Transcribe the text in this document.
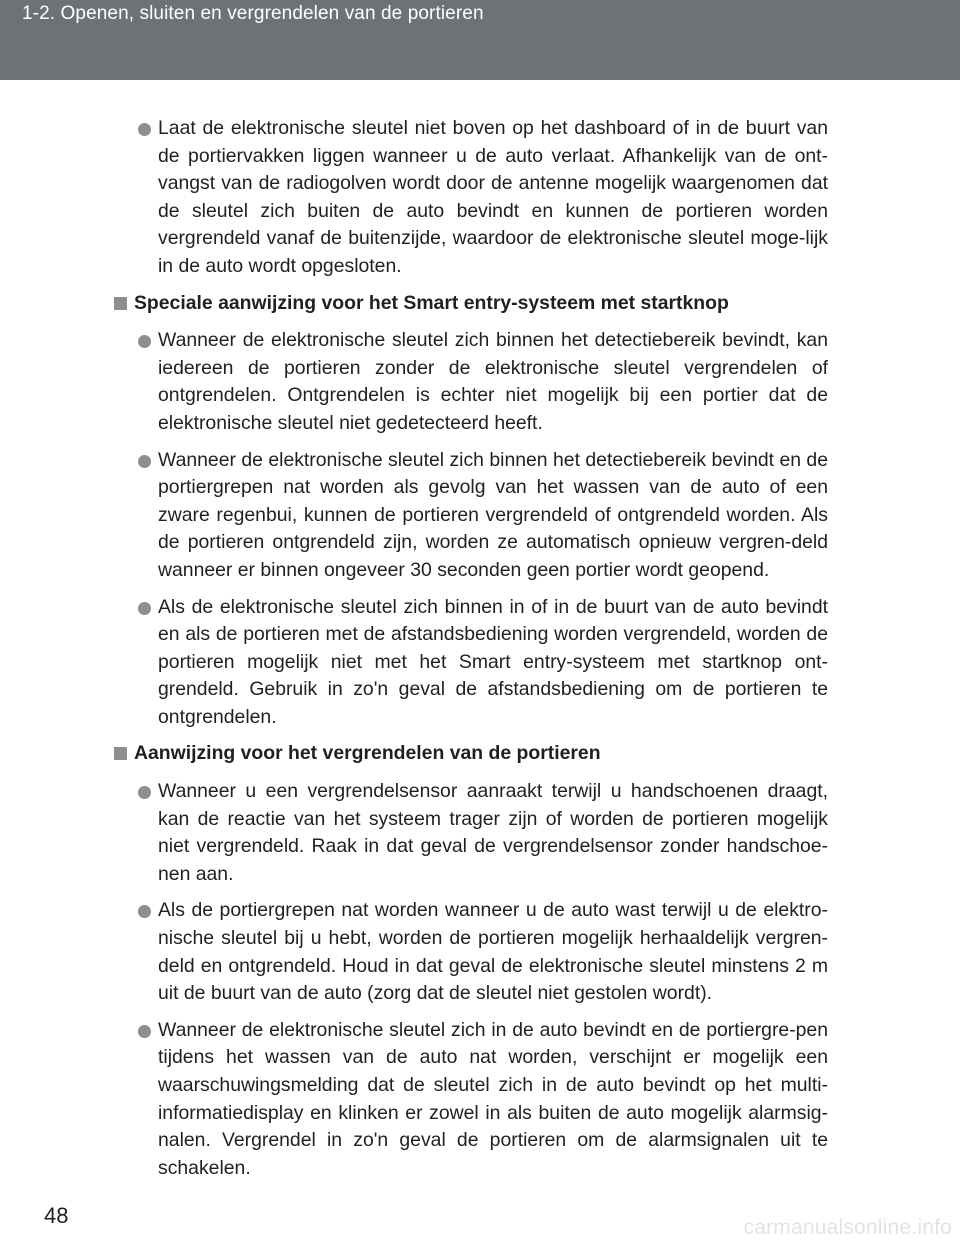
1-2. Openen, sluiten en vergrendelen van de portieren
Laat de elektronische sleutel niet boven op het dashboard of in de buurt van de portiervakken liggen wanneer u de auto verlaat. Afhankelijk van de ont-vangst van de radiogolven wordt door de antenne mogelijk waargenomen dat de sleutel zich buiten de auto bevindt en kunnen de portieren worden vergrendeld vanaf de buitenzijde, waardoor de elektronische sleutel moge-lijk in de auto wordt opgesloten.
Speciale aanwijzing voor het Smart entry-systeem met startknop
Wanneer de elektronische sleutel zich binnen het detectiebereik bevindt, kan iedereen de portieren zonder de elektronische sleutel vergrendelen of ontgrendelen. Ontgrendelen is echter niet mogelijk bij een portier dat de elektronische sleutel niet gedetecteerd heeft.
Wanneer de elektronische sleutel zich binnen het detectiebereik bevindt en de portiergrepen nat worden als gevolg van het wassen van de auto of een zware regenbui, kunnen de portieren vergrendeld of ontgrendeld worden. Als de portieren ontgrendeld zijn, worden ze automatisch opnieuw vergren-deld wanneer er binnen ongeveer 30 seconden geen portier wordt geopend.
Als de elektronische sleutel zich binnen in of in de buurt van de auto bevindt en als de portieren met de afstandsbediening worden vergrendeld, worden de portieren mogelijk niet met het Smart entry-systeem met startknop ont-grendeld. Gebruik in zo'n geval de afstandsbediening om de portieren te ontgrendelen.
Aanwijzing voor het vergrendelen van de portieren
Wanneer u een vergrendelsensor aanraakt terwijl u handschoenen draagt, kan de reactie van het systeem trager zijn of worden de portieren mogelijk niet vergrendeld. Raak in dat geval de vergrendelsensor zonder handschoe-nen aan.
Als de portiergrepen nat worden wanneer u de auto wast terwijl u de elektro-nische sleutel bij u hebt, worden de portieren mogelijk herhaaldelijk vergren-deld en ontgrendeld. Houd in dat geval de elektronische sleutel minstens 2 m uit de buurt van de auto (zorg dat de sleutel niet gestolen wordt).
Wanneer de elektronische sleutel zich in de auto bevindt en de portiergre-pen tijdens het wassen van de auto nat worden, verschijnt er mogelijk een waarschuwingsmelding dat de sleutel zich in de auto bevindt op het multi-informatiedisplay en klinken er zowel in als buiten de auto mogelijk alarmsig-nalen. Vergrendel in zo'n geval de portieren om de alarmsignalen uit te schakelen.
48	carmanualsonline.info
